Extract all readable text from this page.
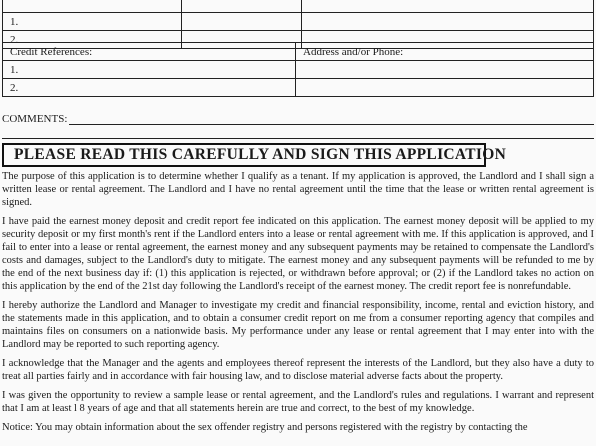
1.		
2.		
Credit References:	Address and/or Phone:
1.	
2.	
COMMENTS:
PLEASE READ THIS CAREFULLY AND SIGN THIS APPLICATION

The purpose of this application is to determine whether I qualify as a tenant. If my application is approved, the Landlord and I shall sign a written lease or rental agreement. The Landlord and I have no rental agreement until the time that the lease or written rental agreement is signed.

I have paid the earnest money deposit and credit report fee indicated on this application. The earnest money deposit will be applied to my security deposit or my first month's rent if the Landlord enters into a lease or rental agreement with me. If this application is approved, and I fail to enter into a lease or rental agreement, the earnest money and any subsequent payments may be retained to compensate the Landlord's costs and damages, subject to the Landlord's duty to mitigate. The earnest money and any subsequent payments will be refunded to me by the end of the next business day if: (1) this application is rejected, or withdrawn before approval; or (2) if the Landlord takes no action on this application by the end of the 21st day following the Landlord's receipt of the earnest money. The credit report fee is nonrefundable.

I hereby authorize the Landlord and Manager to investigate my credit and financial responsibility, income, rental and eviction history, and the statements made in this application, and to obtain a consumer credit report on me from a consumer reporting agency that compiles and maintains files on consumers on a nationwide basis. My performance under any lease or rental agreement that I may enter into with the Landlord may be reported to such reporting agency.

I acknowledge that the Manager and the agents and employees thereof represent the interests of the Landlord, but they also have a duty to treat all parties fairly and in accordance with fair housing law, and to disclose material adverse facts about the property.

I was given the opportunity to review a sample lease or rental agreement, and the Landlord's rules and regulations. I warrant and represent that I am at least l 8 years of age and that all statements herein are true and correct, to the best of my knowledge.

Notice: You may obtain information about the sex offender registry and persons registered with the registry by contacting the
